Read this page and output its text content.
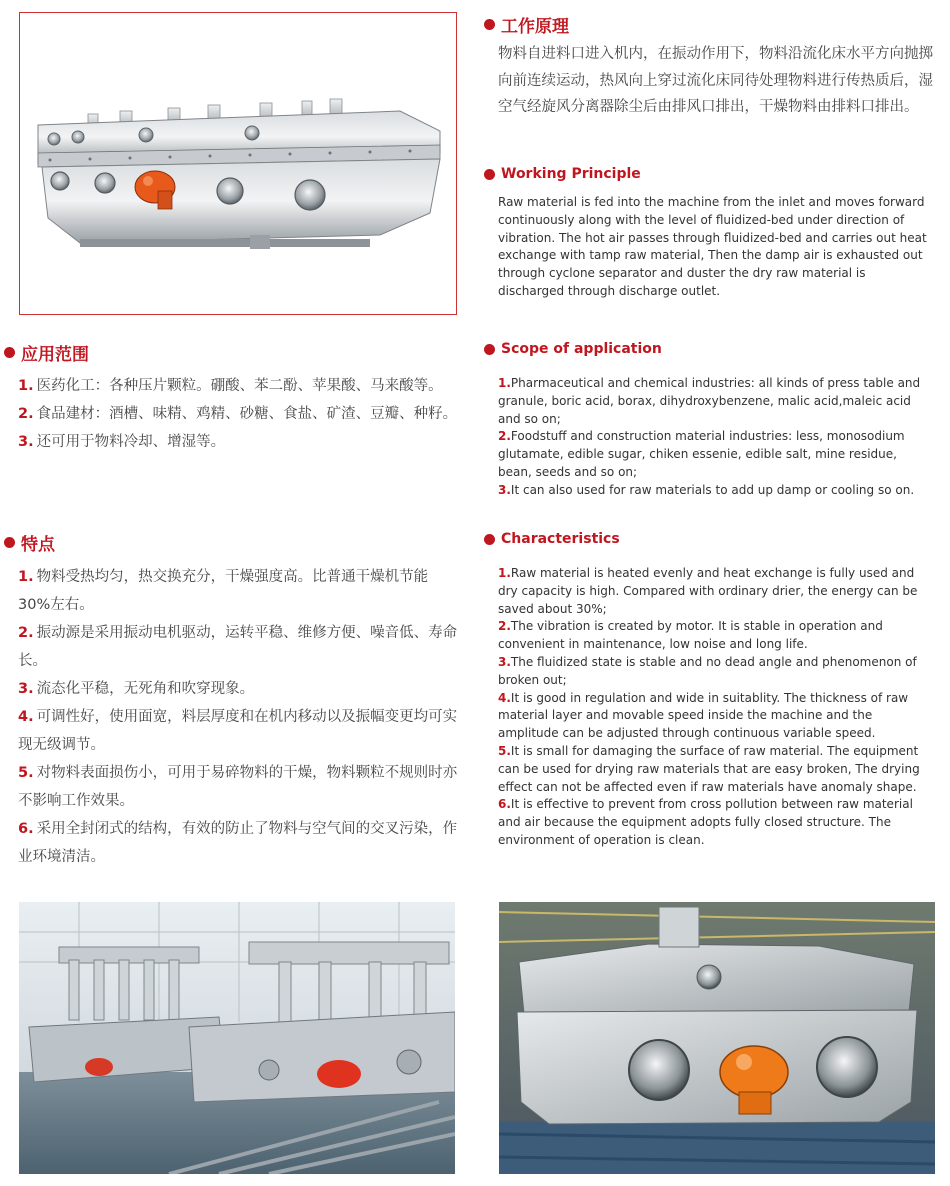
工作原理
物料自进料口进入机内，在振动作用下，物料沿流化床水平方向抛掷向前连续运动，热风向上穿过流化床同待处理物料进行传热质后，湿空气经旋风分离器除尘后由排风口排出，干燥物料由排料口排出。
Working Principle
Raw material is fed into the machine from the inlet and moves forward continuously along with the level of fluidized-bed under direction of vibration. The hot air passes through fluidized-bed and carries out heat exchange with tamp raw material, Then the damp air is exhausted out through cyclone separator and duster the dry raw material is discharged through discharge outlet.
应用范围

1. 医药化工：各种压片颗粒。硼酸、苯二酚、苹果酸、马来酸等。

2. 食品建材：酒槽、味精、鸡精、砂糖、食盐、矿渣、豆瓣、种籽。

3. 还可用于物料冷却、增湿等。

Scope of application

1.Pharmaceutical and chemical industries: all kinds of press table and granule, boric acid, borax, dihydroxybenzene, malic acid,maleic acid and so on;

2.Foodstuff and construction material industries: less, monosodium glutamate, edible sugar, chiken essenie, edible salt, mine residue, bean, seeds and so on;

3.It can also used for raw materials to add up damp or cooling so on.

特点

1. 物料受热均匀，热交换充分，干燥强度高。比普通干燥机节能30%左右。

2. 振动源是采用振动电机驱动，运转平稳、维修方便、噪音低、寿命长。

3. 流态化平稳，无死角和吹穿现象。

4. 可调性好，使用面宽，料层厚度和在机内移动以及振幅变更均可实现无级调节。

5. 对物料表面损伤小，可用于易碎物料的干燥，物料颗粒不规则时亦不影响工作效果。

6. 采用全封闭式的结构，有效的防止了物料与空气间的交叉污染，作业环境清洁。

Characteristics

1.Raw material is heated evenly and heat exchange is fully used and dry capacity is high. Compared with ordinary drier, the energy can be saved about 30%;

2.The vibration is created by motor. It is stable in operation and convenient in maintenance, low noise and long life.

3.The fluidized state is stable and no dead angle and phenomenon of broken out;

4.It is good in regulation and wide in suitablity. The thickness of raw material layer and movable speed inside the machine and the amplitude can be adjusted through continuous variable speed.

5.It is small for damaging the surface of raw material. The equipment can be used for drying raw materials that are easy broken, The drying effect can not be affected even if raw materials have anomaly shape.

6.It is effective to prevent from cross pollution between raw material and air because the equipment adopts fully closed structure. The environment of operation is clean.
